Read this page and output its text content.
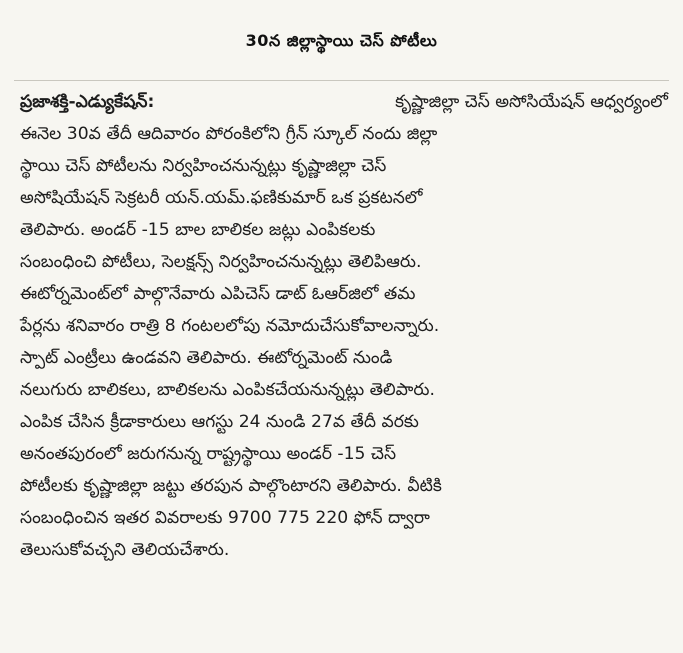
30న జిల్లాస్థాయి చెస్ పోటీలు
ప్రజాశక్తి-ఎడ్యుకేషన్:	కృష్ణాజిల్లా చెస్ అసోసియేషన్ ఆధ్వర్యంలో
ఈనెల 30వ తేదీ ఆదివారం పోరంకిలోని గ్రీన్ స్కూల్ నందు జిల్లా
స్థాయి చెస్ పోటీలను నిర్వహించనున్నట్లు కృష్ణాజిల్లా చెస్
అసోషియేషన్ సెక్రటరీ యన్.యమ్.ఫణికుమార్ ఒక ప్రకటనలో
తెలిపారు. అండర్ -15 బాల బాలికల జట్లు ఎంపికలకు
సంబంధించి పోటీలు, సెలక్షన్స్ నిర్వహించనున్నట్లు తెలిపిఆరు.
ఈటోర్నమెంట్‌లో పాల్గొనేవారు ఎపిచెస్ డాట్ ఓఆర్‌జిలో తమ
పేర్లను శనివారం రాత్రి 8 గంటలలోపు నమోదుచేసుకోవాలన్నారు.
స్పాట్ ఎంట్రీలు ఉండవని తెలిపారు. ఈటోర్నమెంట్ నుండి
నలుగురు బాలికలు, బాలికలను ఎంపికచేయనున్నట్లు తెలిపారు.
ఎంపిక చేసిన క్రీడాకారులు ఆగస్టు 24 నుండి 27వ తేదీ వరకు
అనంతపురంలో జరుగనున్న రాష్ట్రస్థాయి అండర్ -15 చెస్
పోటీలకు కృష్ణాజిల్లా జట్టు తరపున పాల్గొంటారని తెలిపారు. వీటికి
సంబంధించిన ఇతర వివరాలకు 9700 775 220 ఫోన్ ద్వారా
తెలుసుకోవచ్చని తెలియచేశారు.
